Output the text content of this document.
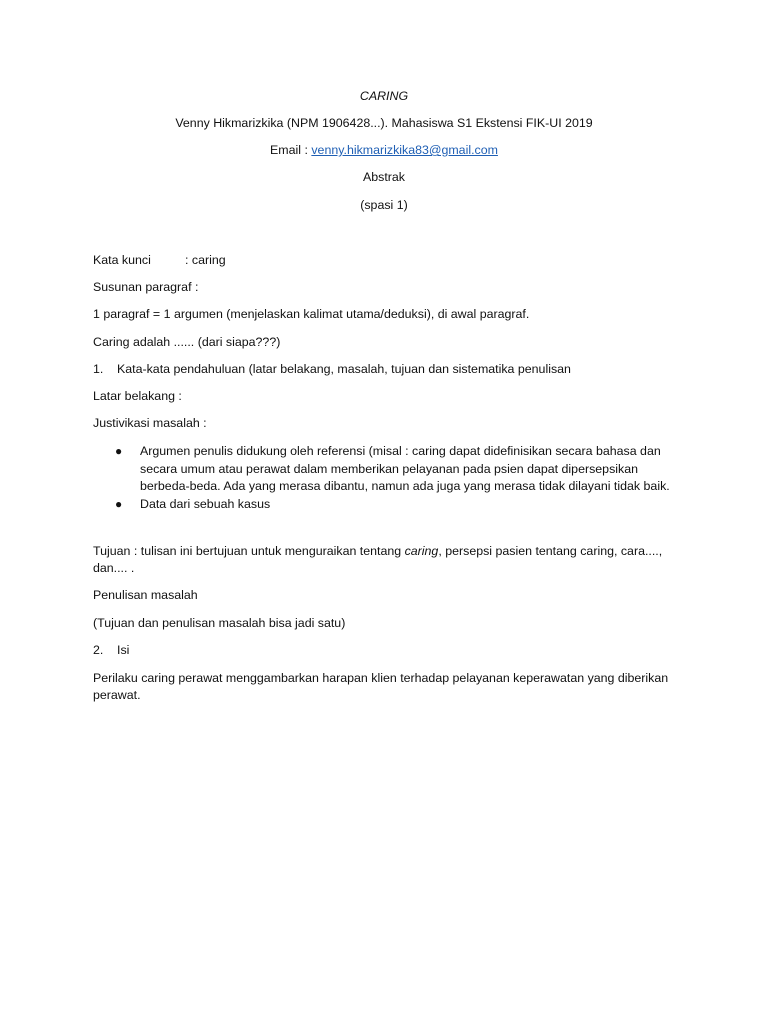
CARING
Venny Hikmarizkika (NPM 1906428...). Mahasiswa S1 Ekstensi FIK-UI 2019
Email : venny.hikmarizkika83@gmail.com
Abstrak
(spasi 1)
Kata kunci	: caring
Susunan paragraf :
1 paragraf = 1 argumen (menjelaskan kalimat utama/deduksi), di awal paragraf.
Caring adalah ...... (dari siapa???)
1. Kata-kata pendahuluan (latar belakang, masalah, tujuan dan sistematika penulisan
Latar belakang :
Justivikasi masalah :
● Argumen penulis didukung oleh referensi (misal : caring dapat didefinisikan secara bahasa dan secara umum atau perawat dalam memberikan pelayanan pada psien dapat dipersepsikan berbeda-beda. Ada yang merasa dibantu, namun ada juga yang merasa tidak dilayani tidak baik.
● Data dari sebuah kasus
Tujuan : tulisan ini bertujuan untuk menguraikan tentang caring, persepsi pasien tentang caring, cara...., dan.... .
Penulisan masalah
(Tujuan dan penulisan masalah bisa jadi satu)
2. Isi
Perilaku caring perawat menggambarkan harapan klien terhadap pelayanan keperawatan yang diberikan perawat.
